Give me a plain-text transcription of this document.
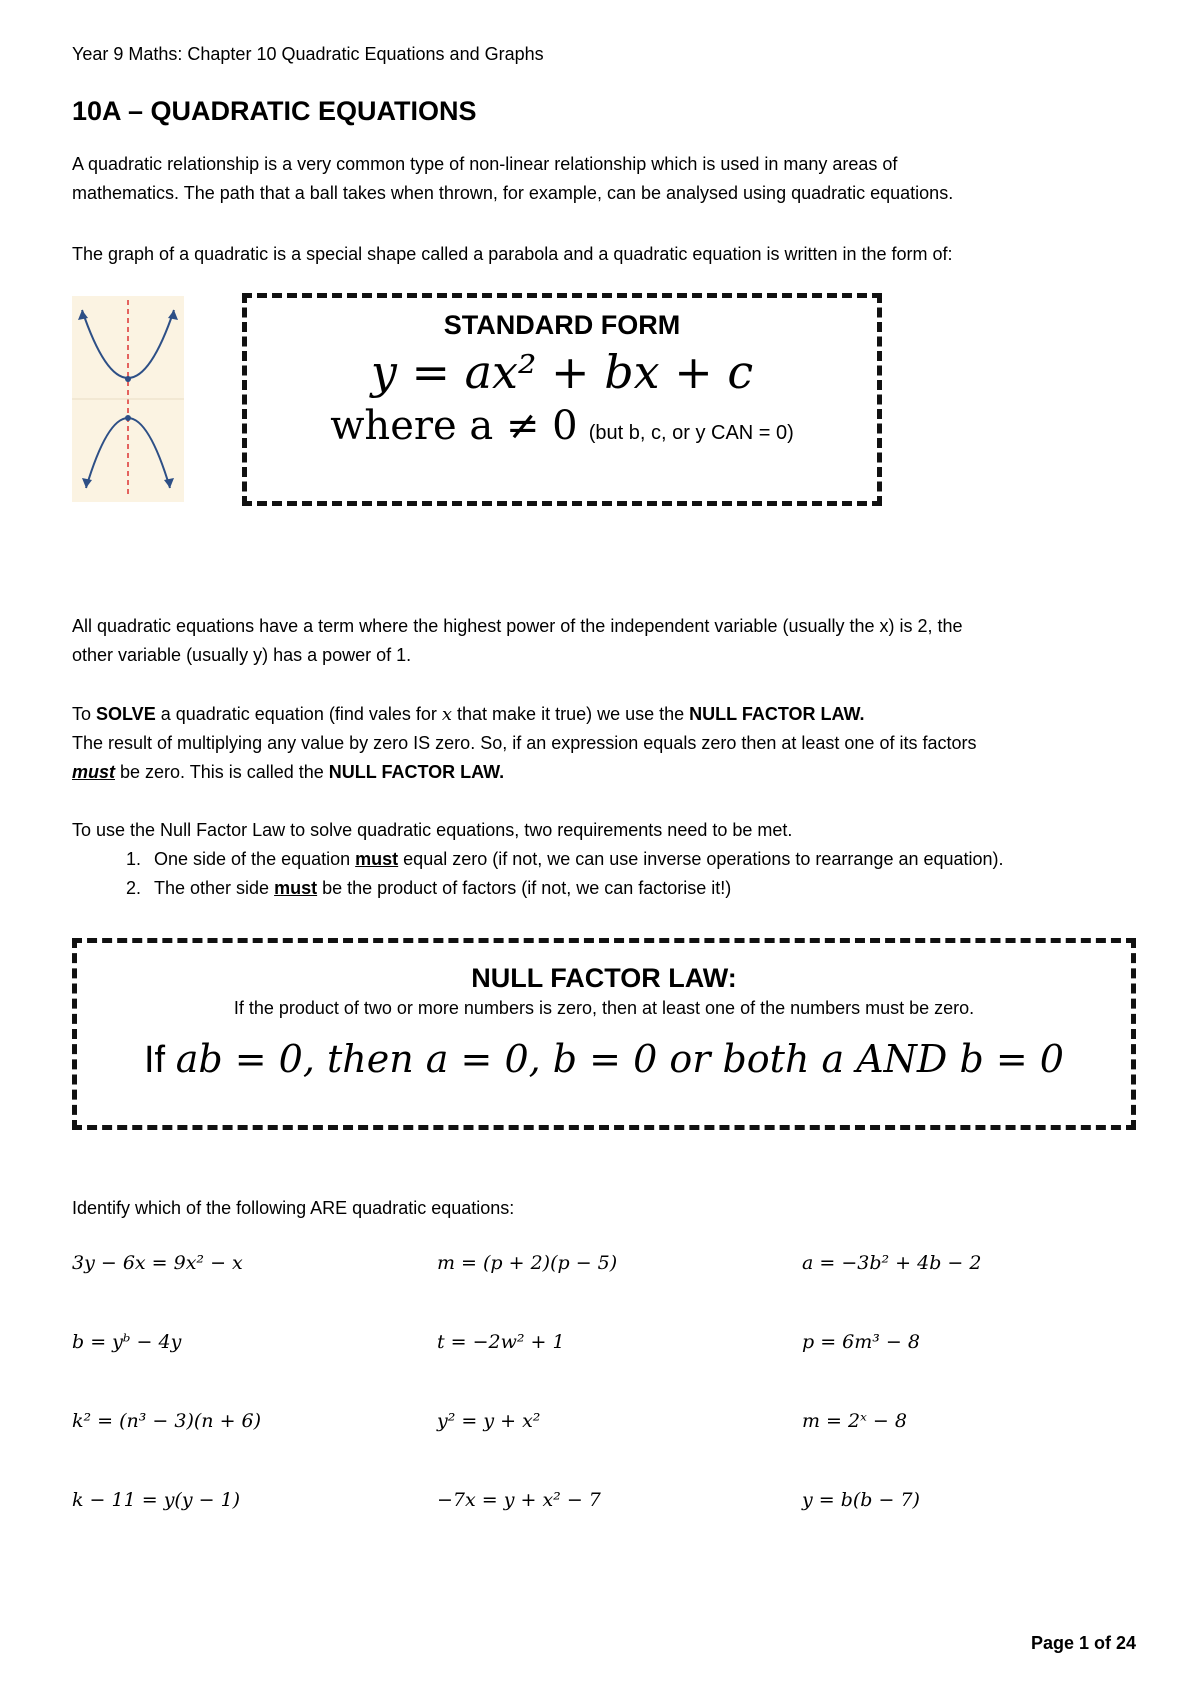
Year 9 Maths: Chapter 10 Quadratic Equations and Graphs
10A – QUADRATIC EQUATIONS
A quadratic relationship is a very common type of non-linear relationship which is used in many areas of
mathematics. The path that a ball takes when thrown, for example, can be analysed using quadratic equations.
The graph of a quadratic is a special shape called a parabola and a quadratic equation is written in the form of:
STANDARD FORM
y = ax² + bx + c
where a ≠ 0 (but b, c, or y CAN = 0)
All quadratic equations have a term where the highest power of the independent variable (usually the x) is 2, the
other variable (usually y) has a power of 1.
To SOLVE a quadratic equation (find vales for x that make it true) we use the NULL FACTOR LAW.
The result of multiplying any value by zero IS zero. So, if an expression equals zero then at least one of its factors
must be zero. This is called the NULL FACTOR LAW.
To use the Null Factor Law to solve quadratic equations, two requirements need to be met.
1. One side of the equation must equal zero (if not, we can use inverse operations to rearrange an equation).
2. The other side must be the product of factors (if not, we can factorise it!)
NULL FACTOR LAW:
If the product of two or more numbers is zero, then at least one of the numbers must be zero.
If ab = 0, then a = 0, b = 0 or both a AND b = 0
Identify which of the following ARE quadratic equations:
3y − 6x = 9x² − x	m = (p + 2)(p − 5)	a = −3b² + 4b − 2
b = yᵇ − 4y	t = −2w² + 1	p = 6m³ − 8
k² = (n³ − 3)(n + 6)	y² = y + x²	m = 2ˣ − 8
k − 11 = y(y − 1)	−7x = y + x² − 7	y = b(b − 7)
Page 1 of 24
